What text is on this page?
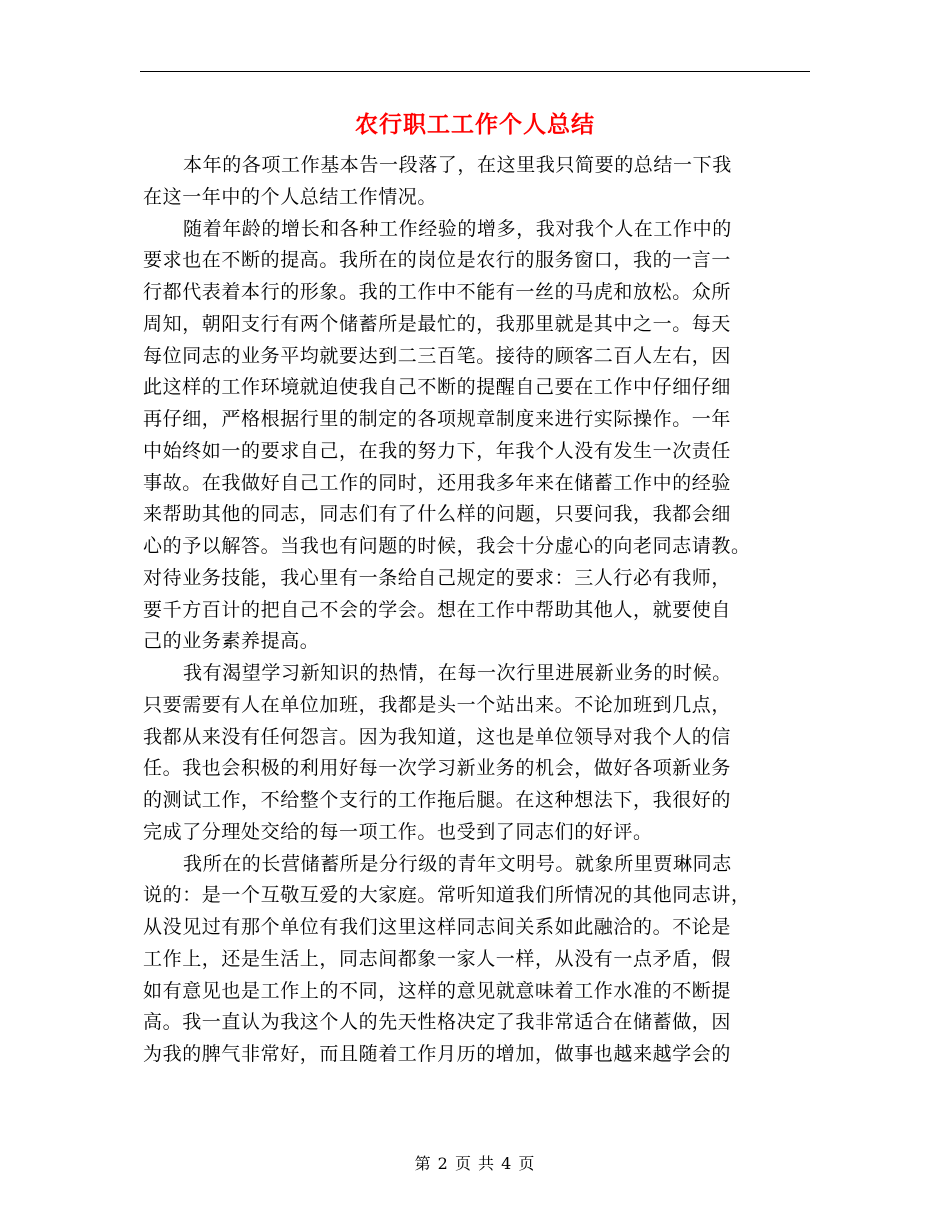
农行职工工作个人总结
本年的各项工作基本告一段落了，在这里我只简要的总结一下我
在这一年中的个人总结工作情况。
随着年龄的增长和各种工作经验的增多，我对我个人在工作中的
要求也在不断的提高。我所在的岗位是农行的服务窗口，我的一言一
行都代表着本行的形象。我的工作中不能有一丝的马虎和放松。众所
周知，朝阳支行有两个储蓄所是最忙的，我那里就是其中之一。每天
每位同志的业务平均就要达到二三百笔。接待的顾客二百人左右，因
此这样的工作环境就迫使我自己不断的提醒自己要在工作中仔细仔细
再仔细，严格根据行里的制定的各项规章制度来进行实际操作。一年
中始终如一的要求自己，在我的努力下，年我个人没有发生一次责任
事故。在我做好自己工作的同时，还用我多年来在储蓄工作中的经验
来帮助其他的同志，同志们有了什么样的问题，只要问我，我都会细
心的予以解答。当我也有问题的时候，我会十分虚心的向老同志请教。
对待业务技能，我心里有一条给自己规定的要求：三人行必有我师，
要千方百计的把自己不会的学会。想在工作中帮助其他人，就要使自
己的业务素养提高。
我有渴望学习新知识的热情，在每一次行里进展新业务的时候。
只要需要有人在单位加班，我都是头一个站出来。不论加班到几点，
我都从来没有任何怨言。因为我知道，这也是单位领导对我个人的信
任。我也会积极的利用好每一次学习新业务的机会，做好各项新业务
的测试工作，不给整个支行的工作拖后腿。在这种想法下，我很好的
完成了分理处交给的每一项工作。也受到了同志们的好评。
我所在的长营储蓄所是分行级的青年文明号。就象所里贾琳同志
说的：是一个互敬互爱的大家庭。常听知道我们所情况的其他同志讲，
从没见过有那个单位有我们这里这样同志间关系如此融洽的。不论是
工作上，还是生活上，同志间都象一家人一样，从没有一点矛盾，假
如有意见也是工作上的不同，这样的意见就意味着工作水准的不断提
高。我一直认为我这个人的先天性格决定了我非常适合在储蓄做，因
为我的脾气非常好，而且随着工作月历的增加，做事也越来越学会的
第 2 页 共 4 页
